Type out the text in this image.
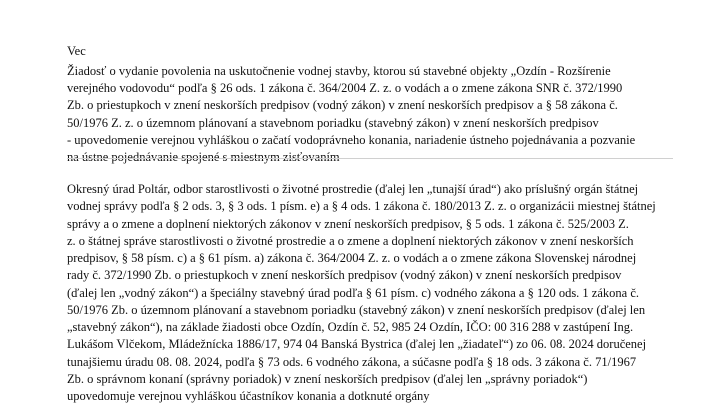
Vec
Žiadosť o vydanie povolenia na uskutočnenie vodnej stavby, ktorou sú stavebné objekty „Ozdín - Rozšírenie
verejného vodovodu“ podľa § 26 ods. 1 zákona č. 364/2004 Z. z. o vodách a o zmene zákona SNR č. 372/1990
Zb. o priestupkoch v znení neskorších predpisov (vodný zákon) v znení neskorších predpisov a § 58 zákona č.
50/1976 Z. z. o územnom plánovaní a stavebnom poriadku (stavebný zákon) v znení neskorších predpisov
- upovedomenie verejnou vyhláškou o začatí vodoprávneho konania, nariadenie ústneho pojednávania a pozvanie
na ústne pojednávanie spojené s miestnym zisťovaním
Okresný úrad Poltár, odbor starostlivosti o životné prostredie (ďalej len „tunajší úrad“) ako príslušný orgán štátnej
vodnej správy podľa § 2 ods. 3, § 3 ods. 1 písm. e) a § 4 ods. 1 zákona č. 180/2013 Z. z. o organizácii miestnej štátnej
správy a o zmene a doplnení niektorých zákonov v znení neskorších predpisov, § 5 ods. 1 zákona č. 525/2003 Z.
z. o štátnej správe starostlivosti o životné prostredie a o zmene a doplnení niektorých zákonov v znení neskorších
predpisov, § 58 písm. c) a § 61 písm. a) zákona č. 364/2004 Z. z. o vodách a o zmene zákona Slovenskej národnej
rady č. 372/1990 Zb. o priestupkoch v znení neskorších predpisov (vodný zákon) v znení neskorších predpisov
(ďalej len „vodný zákon“) a špeciálny stavebný úrad podľa § 61 písm. c) vodného zákona a § 120 ods. 1 zákona č.
50/1976 Zb. o územnom plánovaní a stavebnom poriadku (stavebný zákon) v znení neskorších predpisov (ďalej len
„stavebný zákon“), na základe žiadosti obce Ozdín, Ozdín č. 52, 985 24 Ozdín, IČO: 00 316 288 v zastúpení Ing.
Lukášom Vlčekom, Mládežnícka 1886/17, 974 04 Banská Bystrica (ďalej len „žiadateľ“) zo 06. 08. 2024 doručenej
tunajšiemu úradu 08. 08. 2024, podľa § 73 ods. 6 vodného zákona, a súčasne podľa § 18 ods. 3 zákona č. 71/1967
Zb. o správnom konaní (správny poriadok) v znení neskorších predpisov (ďalej len „správny poriadok“)
upovedomuje verejnou vyhláškou účastníkov konania a dotknuté orgány
